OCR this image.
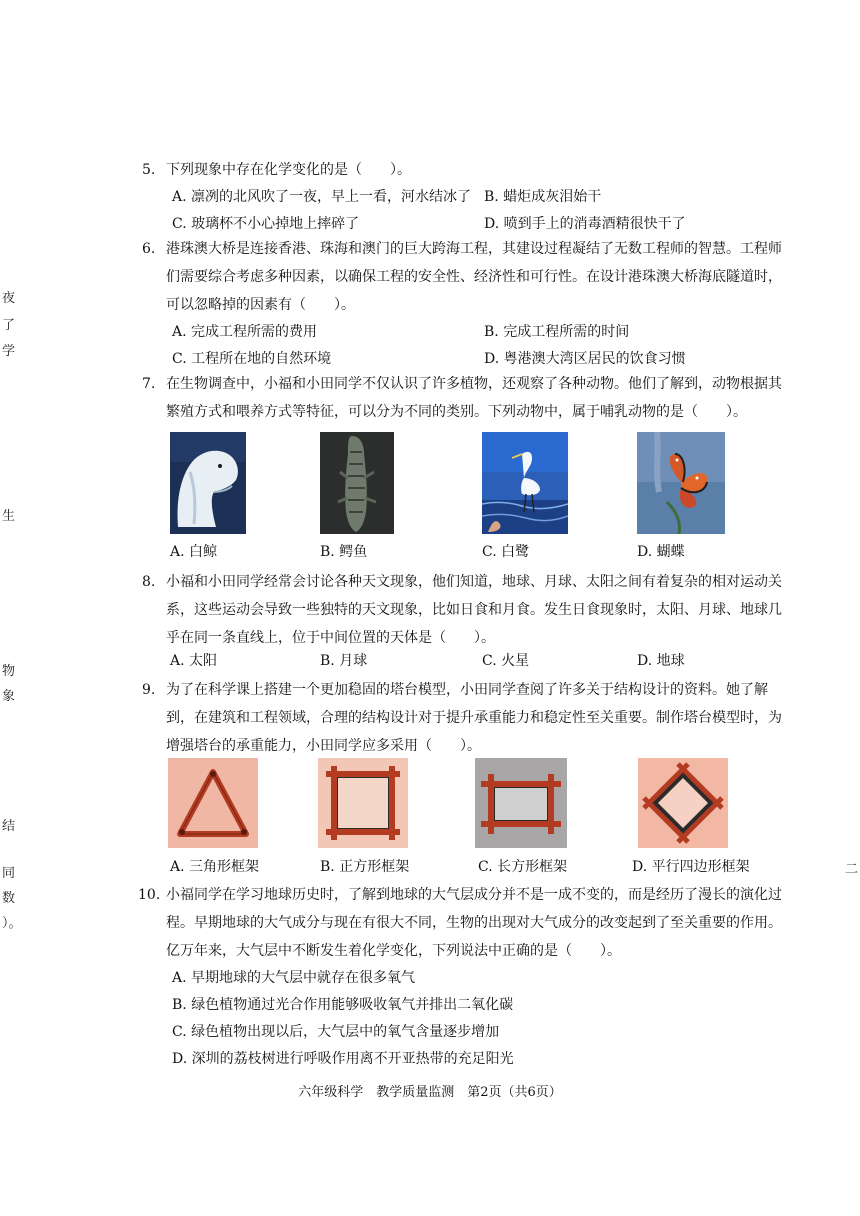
夜
了
学
生
物
象
结
同
数
）。
二
5. 下列现象中存在化学变化的是（　　）。
A. 凛冽的北风吹了一夜，早上一看，河水结冰了 B. 蜡炬成灰泪始干
C. 玻璃杯不小心掉地上摔碎了	D. 喷到手上的消毒酒精很快干了
6. 港珠澳大桥是连接香港、珠海和澳门的巨大跨海工程，其建设过程凝结了无数工程师的智慧。工程师们需要综合考虑多种因素，以确保工程的安全性、经济性和可行性。在设计港珠澳大桥海底隧道时，可以忽略掉的因素有（　　）。
A. 完成工程所需的费用	B. 完成工程所需的时间
C. 工程所在地的自然环境	D. 粤港澳大湾区居民的饮食习惯
7. 在生物调查中，小福和小田同学不仅认识了许多植物，还观察了各种动物。他们了解到，动物根据其繁殖方式和喂养方式等特征，可以分为不同的类别。下列动物中，属于哺乳动物的是（　　）。
A. 白鲸	B. 鳄鱼	C. 白鹭	D. 蝴蝶
8. 小福和小田同学经常会讨论各种天文现象，他们知道，地球、月球、太阳之间有着复杂的相对运动关系，这些运动会导致一些独特的天文现象，比如日食和月食。发生日食现象时，太阳、月球、地球几乎在同一条直线上，位于中间位置的天体是（　　）。
A. 太阳	B. 月球	C. 火星	D. 地球
9. 为了在科学课上搭建一个更加稳固的塔台模型，小田同学查阅了许多关于结构设计的资料。她了解到，在建筑和工程领域，合理的结构设计对于提升承重能力和稳定性至关重要。制作塔台模型时，为增强塔台的承重能力，小田同学应多采用（　　）。
A. 三角形框架	B. 正方形框架	C. 长方形框架	D. 平行四边形框架
10. 小福同学在学习地球历史时，了解到地球的大气层成分并不是一成不变的，而是经历了漫长的演化过程。早期地球的大气成分与现在有很大不同，生物的出现对大气成分的改变起到了至关重要的作用。亿万年来，大气层中不断发生着化学变化，下列说法中正确的是（　　）。
A. 早期地球的大气层中就存在很多氧气
B. 绿色植物通过光合作用能够吸收氧气并排出二氧化碳
C. 绿色植物出现以后，大气层中的氧气含量逐步增加
D. 深圳的荔枝树进行呼吸作用离不开亚热带的充足阳光
六年级科学　教学质量监测　第2页（共6页）
